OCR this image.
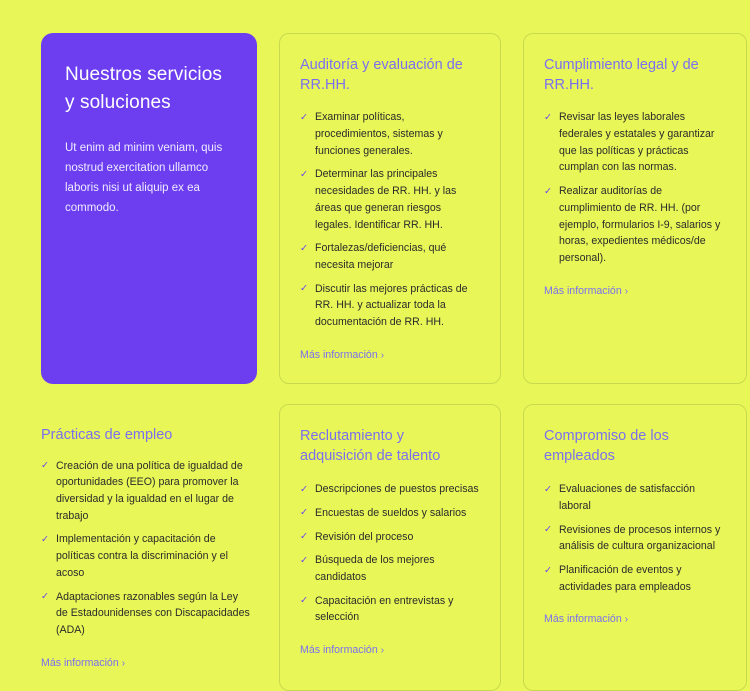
Nuestros servicios y soluciones

Ut enim ad minim veniam, quis nostrud exercitation ullamco laboris nisi ut aliquip ex ea commodo.

Auditoría y evaluación de RR.HH.
✓ Examinar políticas, procedimientos, sistemas y funciones generales.
✓ Determinar las principales necesidades de RR. HH. y las áreas que generan riesgos legales. Identificar RR. HH.
✓ Fortalezas/deficiencias, qué necesita mejorar
✓ Discutir las mejores prácticas de RR. HH. y actualizar toda la documentación de RR. HH.
Más información ›
Cumplimiento legal y de RR.HH.
✓ Revisar las leyes laborales federales y estatales y garantizar que las políticas y prácticas cumplan con las normas.
✓ Realizar auditorías de cumplimiento de RR. HH. (por ejemplo, formularios I-9, salarios y horas, expedientes médicos/de personal).
Más información ›
Prácticas de empleo
✓ Creación de una política de igualdad de oportunidades (EEO) para promover la diversidad y la igualdad en el lugar de trabajo
✓ Implementación y capacitación de políticas contra la discriminación y el acoso
✓ Adaptaciones razonables según la Ley de Estadounidenses con Discapacidades (ADA)
Más información ›
Reclutamiento y adquisición de talento
✓ Descripciones de puestos precisas
✓ Encuestas de sueldos y salarios
✓ Revisión del proceso
✓ Búsqueda de los mejores candidatos
✓ Capacitación en entrevistas y selección
Más información ›
Compromiso de los empleados
✓ Evaluaciones de satisfacción laboral
✓ Revisiones de procesos internos y análisis de cultura organizacional
✓ Planificación de eventos y actividades para empleados
Más información ›
